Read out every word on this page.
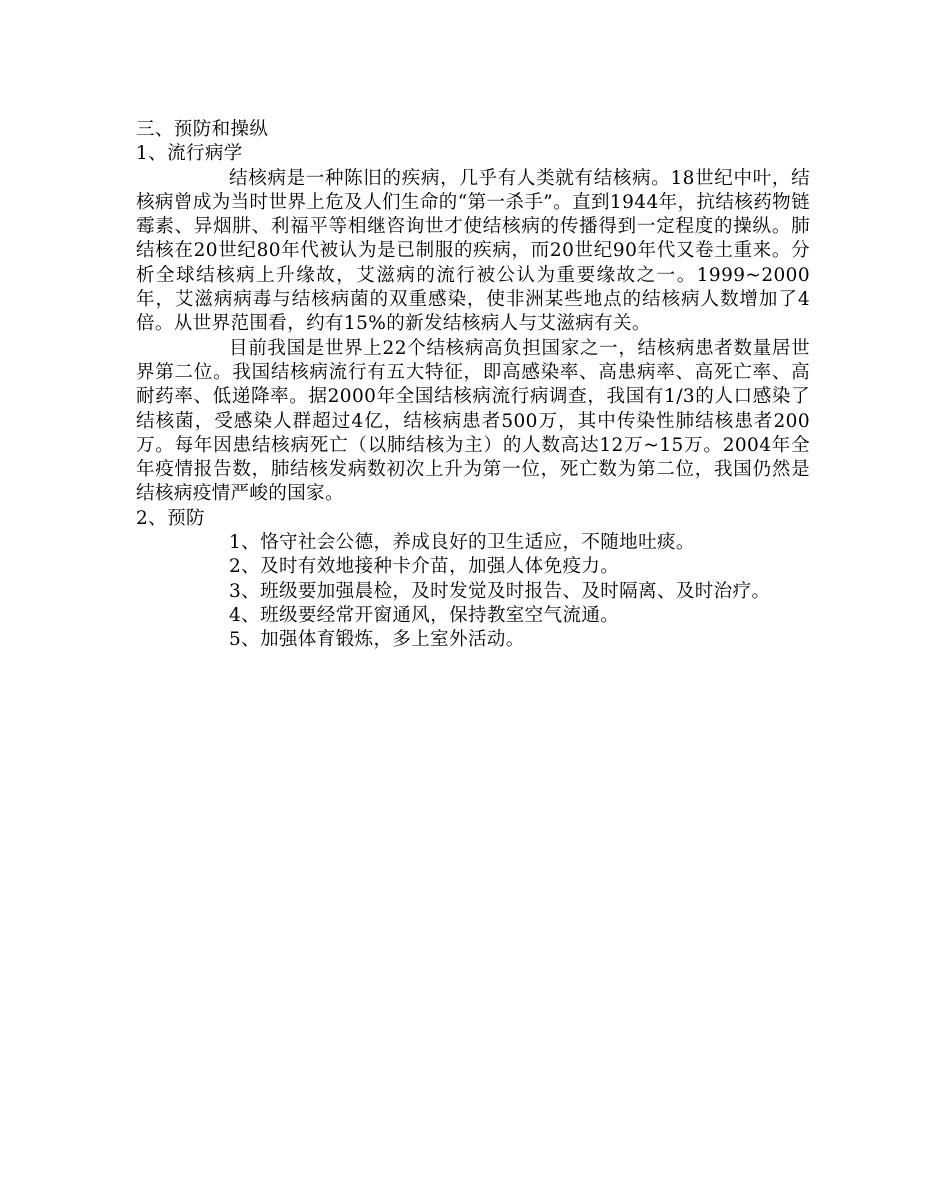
三、预防和操纵

1、流行病学

结核病是一种陈旧的疾病，几乎有人类就有结核病。18世纪中叶，结核病曾成为当时世界上危及人们生命的“第一杀手”。直到1944年，抗结核药物链霉素、异烟肼、利福平等相继咨询世才使结核病的传播得到一定程度的操纵。肺结核在20世纪80年代被认为是已制服的疾病，而20世纪90年代又卷土重来。分析全球结核病上升缘故，艾滋病的流行被公认为重要缘故之一。1999~2000年，艾滋病病毒与结核病菌的双重感染，使非洲某些地点的结核病人数增加了4倍。从世界范围看，约有15%的新发结核病人与艾滋病有关。

目前我国是世界上22个结核病高负担国家之一，结核病患者数量居世界第二位。我国结核病流行有五大特征，即高感染率、高患病率、高死亡率、高耐药率、低递降率。据2000年全国结核病流行病调查，我国有1/3的人口感染了结核菌，受感染人群超过4亿，结核病患者500万，其中传染性肺结核患者200万。每年因患结核病死亡（以肺结核为主）的人数高达12万~15万。2004年全年疫情报告数，肺结核发病数初次上升为第一位，死亡数为第二位，我国仍然是结核病疫情严峻的国家。

2、预防

1、恪守社会公德，养成良好的卫生适应，不随地吐痰。

2、及时有效地接种卡介苗，加强人体免疫力。

3、班级要加强晨检，及时发觉及时报告、及时隔离、及时治疗。

4、班级要经常开窗通风，保持教室空气流通。

5、加强体育锻炼，多上室外活动。
